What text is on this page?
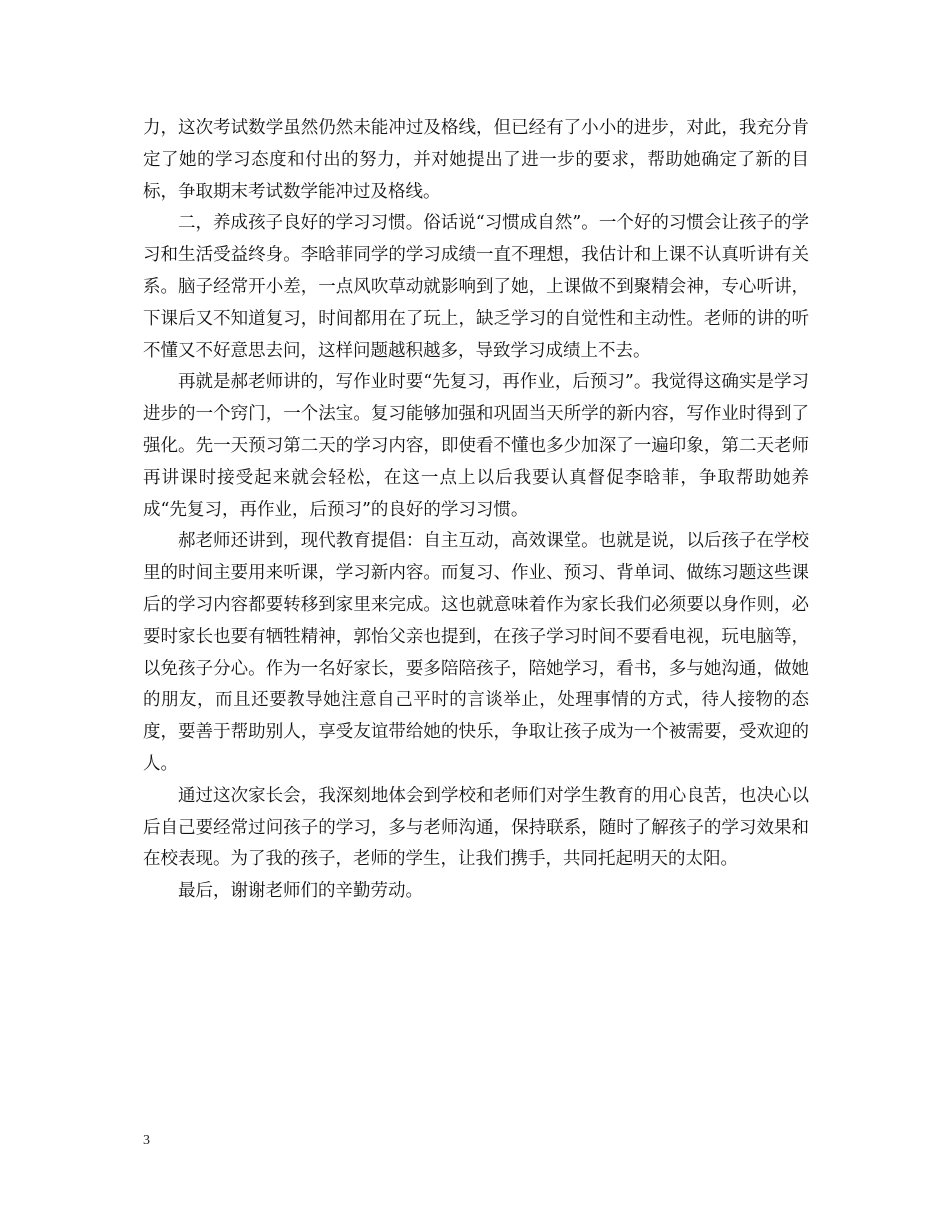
力，这次考试数学虽然仍然未能冲过及格线，但已经有了小小的进步，对此，我充分肯定了她的学习态度和付出的努力，并对她提出了进一步的要求，帮助她确定了新的目标，争取期末考试数学能冲过及格线。

二，养成孩子良好的学习习惯。俗话说“习惯成自然”。一个好的习惯会让孩子的学习和生活受益终身。李晗菲同学的学习成绩一直不理想，我估计和上课不认真听讲有关系。脑子经常开小差，一点风吹草动就影响到了她，上课做不到聚精会神，专心听讲，下课后又不知道复习，时间都用在了玩上，缺乏学习的自觉性和主动性。老师的讲的听不懂又不好意思去问，这样问题越积越多，导致学习成绩上不去。

再就是郝老师讲的，写作业时要“先复习，再作业，后预习”。我觉得这确实是学习进步的一个窍门，一个法宝。复习能够加强和巩固当天所学的新内容，写作业时得到了强化。先一天预习第二天的学习内容，即使看不懂也多少加深了一遍印象，第二天老师再讲课时接受起来就会轻松，在这一点上以后我要认真督促李晗菲，争取帮助她养成“先复习，再作业，后预习”的良好的学习习惯。

郝老师还讲到，现代教育提倡：自主互动，高效课堂。也就是说，以后孩子在学校里的时间主要用来听课，学习新内容。而复习、作业、预习、背单词、做练习题这些课后的学习内容都要转移到家里来完成。这也就意味着作为家长我们必须要以身作则，必要时家长也要有牺牲精神，郭怡父亲也提到，在孩子学习时间不要看电视，玩电脑等，以免孩子分心。作为一名好家长，要多陪陪孩子，陪她学习，看书，多与她沟通，做她的朋友，而且还要教导她注意自己平时的言谈举止，处理事情的方式，待人接物的态度，要善于帮助别人，享受友谊带给她的快乐，争取让孩子成为一个被需要，受欢迎的人。

通过这次家长会，我深刻地体会到学校和老师们对学生教育的用心良苦，也决心以后自己要经常过问孩子的学习，多与老师沟通，保持联系，随时了解孩子的学习效果和在校表现。为了我的孩子，老师的学生，让我们携手，共同托起明天的太阳。

最后，谢谢老师们的辛勤劳动。

3
